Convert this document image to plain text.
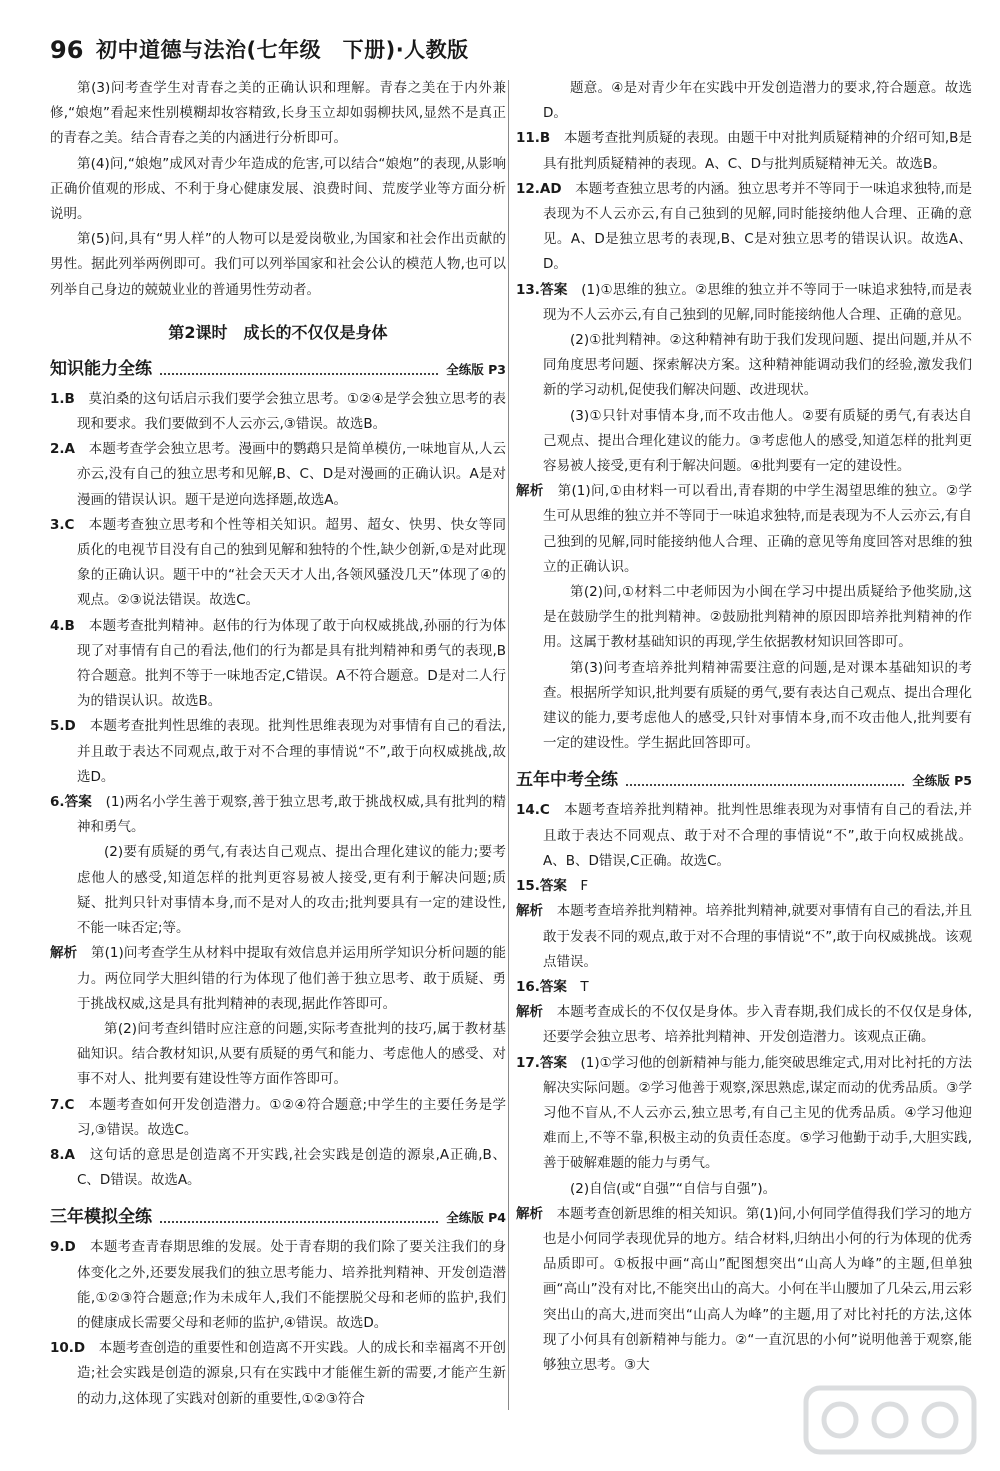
96 初中道德与法治(七年级　下册)·人教版

第(3)问考查学生对青春之美的正确认识和理解。青春之美在于内外兼修,“娘炮”看起来性别模糊却妆容精致,长身玉立却如弱柳扶风,显然不是真正的青春之美。结合青春之美的内涵进行分析即可。

第(4)问,“娘炮”成风对青少年造成的危害,可以结合“娘炮”的表现,从影响正确价值观的形成、不利于身心健康发展、浪费时间、荒废学业等方面分析说明。

第(5)问,具有“男人样”的人物可以是爱岗敬业,为国家和社会作出贡献的男性。据此列举两例即可。我们可以列举国家和社会公认的模范人物,也可以列举自己身边的兢兢业业的普通男性劳动者。

第2课时　成长的不仅仅是身体
知识能力全练	全练版 P3

1.B　 莫泊桑的这句话启示我们要学会独立思考。①②④是学会独立思考的表现和要求。我们要做到不人云亦云,③错误。故选B。

2.A　 本题考查学会独立思考。漫画中的鹦鹉只是简单模仿,一味地盲从,人云亦云,没有自己的独立思考和见解,B、C、D是对漫画的正确认识。A是对漫画的错误认识。题干是逆向选择题,故选A。

3.C　 本题考查独立思考和个性等相关知识。超男、超女、快男、快女等同质化的电视节目没有自己的独到见解和独特的个性,缺少创新,①是对此现象的正确认识。题干中的“社会天天才人出,各领风骚没几天”体现了④的观点。②③说法错误。故选C。

4.B　 本题考查批判精神。赵伟的行为体现了敢于向权威挑战,孙丽的行为体现了对事情有自己的看法,他们的行为都是具有批判精神和勇气的表现,B符合题意。批判不等于一味地否定,C错误。A不符合题意。D是对二人行为的错误认识。故选B。

5.D　 本题考查批判性思维的表现。批判性思维表现为对事情有自己的看法,并且敢于表达不同观点,敢于对不合理的事情说“不”,敢于向权威挑战,故选D。

6.答案　 (1)两名小学生善于观察,善于独立思考,敢于挑战权威,具有批判的精神和勇气。

(2)要有质疑的勇气,有表达自己观点、提出合理化建议的能力;要考虑他人的感受,知道怎样的批判更容易被人接受,更有利于解决问题;质疑、批判只针对事情本身,而不是对人的攻击;批判要具有一定的建设性,不能一味否定;等。

解析　 第(1)问考查学生从材料中提取有效信息并运用所学知识分析问题的能力。两位同学大胆纠错的行为体现了他们善于独立思考、敢于质疑、勇于挑战权威,这是具有批判精神的表现,据此作答即可。

第(2)问考查纠错时应注意的问题,实际考查批判的技巧,属于教材基础知识。结合教材知识,从要有质疑的勇气和能力、考虑他人的感受、对事不对人、批判要有建设性等方面作答即可。

7.C　 本题考查如何开发创造潜力。①②④符合题意;中学生的主要任务是学习,③错误。故选C。

8.A　 这句话的意思是创造离不开实践,社会实践是创造的源泉,A正确,B、C、D错误。故选A。

三年模拟全练	全练版 P4

9.D　 本题考查青春期思维的发展。处于青春期的我们除了要关注我们的身体变化之外,还要发展我们的独立思考能力、培养批判精神、开发创造潜能,①②③符合题意;作为未成年人,我们不能摆脱父母和老师的监护,我们的健康成长需要父母和老师的监护,④错误。故选D。

10.D　 本题考查创造的重要性和创造离不开实践。人的成长和幸福离不开创造;社会实践是创造的源泉,只有在实践中才能催生新的需要,才能产生新的动力,这体现了实践对创新的重要性,①②③符合

题意。④是对青少年在实践中开发创造潜力的要求,符合题意。故选D。

11.B　 本题考查批判质疑的表现。由题干中对批判质疑精神的介绍可知,B是具有批判质疑精神的表现。A、C、D与批判质疑精神无关。故选B。

12.AD　 本题考查独立思考的内涵。独立思考并不等同于一味追求独特,而是表现为不人云亦云,有自己独到的见解,同时能接纳他人合理、正确的意见。A、D是独立思考的表现,B、C是对独立思考的错误认识。故选A、D。

13.答案　 (1)①思维的独立。②思维的独立并不等同于一味追求独特,而是表现为不人云亦云,有自己独到的见解,同时能接纳他人合理、正确的意见。

(2)①批判精神。②这种精神有助于我们发现问题、提出问题,并从不同角度思考问题、探索解决方案。这种精神能调动我们的经验,激发我们新的学习动机,促使我们解决问题、改进现状。

(3)①只针对事情本身,而不攻击他人。②要有质疑的勇气,有表达自己观点、提出合理化建议的能力。③考虑他人的感受,知道怎样的批判更容易被人接受,更有利于解决问题。④批判要有一定的建设性。

解析　 第(1)问,①由材料一可以看出,青春期的中学生渴望思维的独立。②学生可从思维的独立并不等同于一味追求独特,而是表现为不人云亦云,有自己独到的见解,同时能接纳他人合理、正确的意见等角度回答对思维的独立的正确认识。

第(2)问,①材料二中老师因为小闽在学习中提出质疑给予他奖励,这是在鼓励学生的批判精神。②鼓励批判精神的原因即培养批判精神的作用。这属于教材基础知识的再现,学生依据教材知识回答即可。

第(3)问考查培养批判精神需要注意的问题,是对课本基础知识的考查。根据所学知识,批判要有质疑的勇气,要有表达自己观点、提出合理化建议的能力,要考虑他人的感受,只针对事情本身,而不攻击他人,批判要有一定的建设性。学生据此回答即可。

五年中考全练	全练版 P5

14.C　 本题考查培养批判精神。批判性思维表现为对事情有自己的看法,并且敢于表达不同观点、敢于对不合理的事情说“不”,敢于向权威挑战。A、B、D错误,C正确。故选C。

15.答案　 F

解析　 本题考查培养批判精神。培养批判精神,就要对事情有自己的看法,并且敢于发表不同的观点,敢于对不合理的事情说“不”,敢于向权威挑战。该观点错误。

16.答案　 T

解析　 本题考查成长的不仅仅是身体。步入青春期,我们成长的不仅仅是身体,还要学会独立思考、培养批判精神、开发创造潜力。该观点正确。

17.答案　 (1)①学习他的创新精神与能力,能突破思维定式,用对比衬托的方法解决实际问题。②学习他善于观察,深思熟虑,谋定而动的优秀品质。③学习他不盲从,不人云亦云,独立思考,有自己主见的优秀品质。④学习他迎难而上,不等不靠,积极主动的负责任态度。⑤学习他勤于动手,大胆实践,善于破解难题的能力与勇气。

(2)自信(或“自强”“自信与自强”)。

解析　 本题考查创新思维的相关知识。第(1)问,小何同学值得我们学习的地方也是小何同学表现优异的地方。结合材料,归纳出小何的行为体现的优秀品质即可。①板报中画“高山”配图想突出“山高人为峰”的主题,但单独画“高山”没有对比,不能突出山的高大。小何在半山腰加了几朵云,用云彩突出山的高大,进而突出“山高人为峰”的主题,用了对比衬托的方法,这体现了小何具有创新精神与能力。②“一直沉思的小何”说明他善于观察,能够独立思考。③大
